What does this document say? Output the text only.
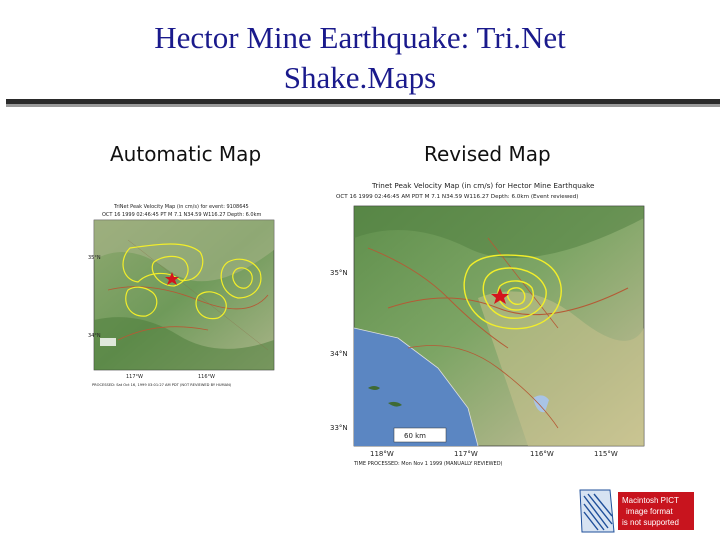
Hector Mine Earthquake: Tri.Net
Shake.Maps
Automatic Map	Revised Map
TriNet Peak Velocity Map (in cm/s) for event: 9108645
OCT 16 1999 02:46:45 PT M 7.1 N34.59 W116.27 Depth: 6.0km
35°N
34°N
117°W	116°W
PROCESSED: Sat Oct 16, 1999 03:01:27 AM PDT (NOT REVIEWED BY HUMAN)
Trinet Peak Velocity Map (in cm/s) for Hector Mine Earthquake
OCT 16 1999 02:46:45 AM PDT M 7.1 N34.59 W116.27 Depth: 6.0km (Event reviewed)
35°N
34°N
33°N
60 km
118°W	117°W	116°W	115°W
TIME PROCESSED: Mon Nov 1 1999 (MANUALLY REVIEWED)
Macintosh PICT
image format
is not supported
